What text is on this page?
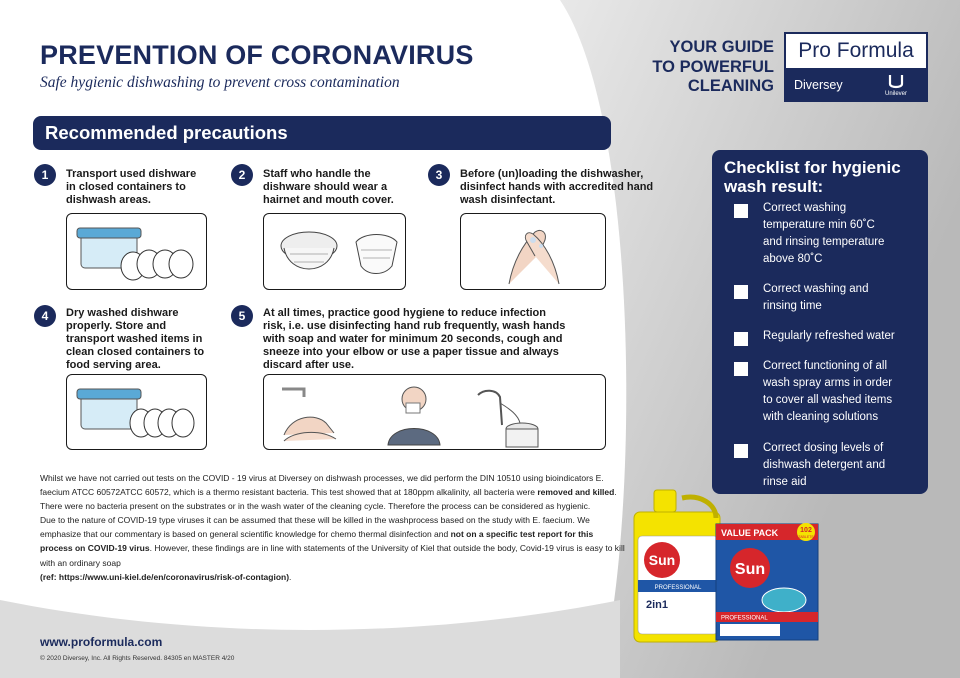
PREVENTION OF CORONAVIRUS
Safe hygienic dishwashing to prevent cross contamination
YOUR GUIDE
TO POWERFUL
CLEANING
Pro Formula
Diversey
Unilever
Recommended precautions
1	Transport used dishware
in closed containers to
dishwash areas.
2	Staff who handle the
dishware should wear a
hairnet and mouth cover.
3	Before (un)loading the dishwasher,
disinfect hands with accredited hand
wash disinfectant.
4	Dry washed dishware
properly. Store and
transport washed items in
clean closed containers to
food serving area.
5	At all times, practice good hygiene to reduce infection
risk, i.e. use disinfecting hand rub frequently, wash hands
with soap and water for minimum 20 seconds, cough and
sneeze into your elbow or use a paper tissue and always
discard after use.
Checklist for hygienic
wash result:
Correct washing
temperature min 60˚C
and rinsing temperature
above 80˚C
Correct washing and
rinsing time
Regularly refreshed water
Correct functioning of all
wash spray arms in order
to cover all washed items
with cleaning solutions
Correct dosing levels of
dishwash detergent and
rinse aid

Whilst we have not carried out tests on the COVID - 19 virus at Diversey on dishwash processes, we did perform the DIN 10510 using bioindicators E. faecium ATCC 60572ATCC 60572, which is a thermo resistant bacteria. This test showed that at 180ppm alkalinity, all bacteria were removed and killed. There were no bacteria present on the substrates or in the wash water of the cleaning cycle. Therefore the process can be considered as hygienic.

Due to the nature of COVID-19 type viruses it can be assumed that these will be killed in the washprocess based on the study with E. faecium. We emphasize that our commentary is based on general scientific knowledge for chemo thermal disinfection and not on a specific test report for this process on COVID-19 virus. However, these findings are in line with statements of the University of Kiel that outside the body, Covid-19 virus is easy to kill with an ordinary soap

(ref: https://www.uni-kiel.de/en/coronavirus/risk-of-contagion).

Sun
PROFESSIONAL
2in1
VALUE PACK	102
TABLETS
Sun
PROFESSIONAL
www.proformula.com
© 2020 Diversey, Inc. All Rights Reserved. 84305 en MASTER 4/20
